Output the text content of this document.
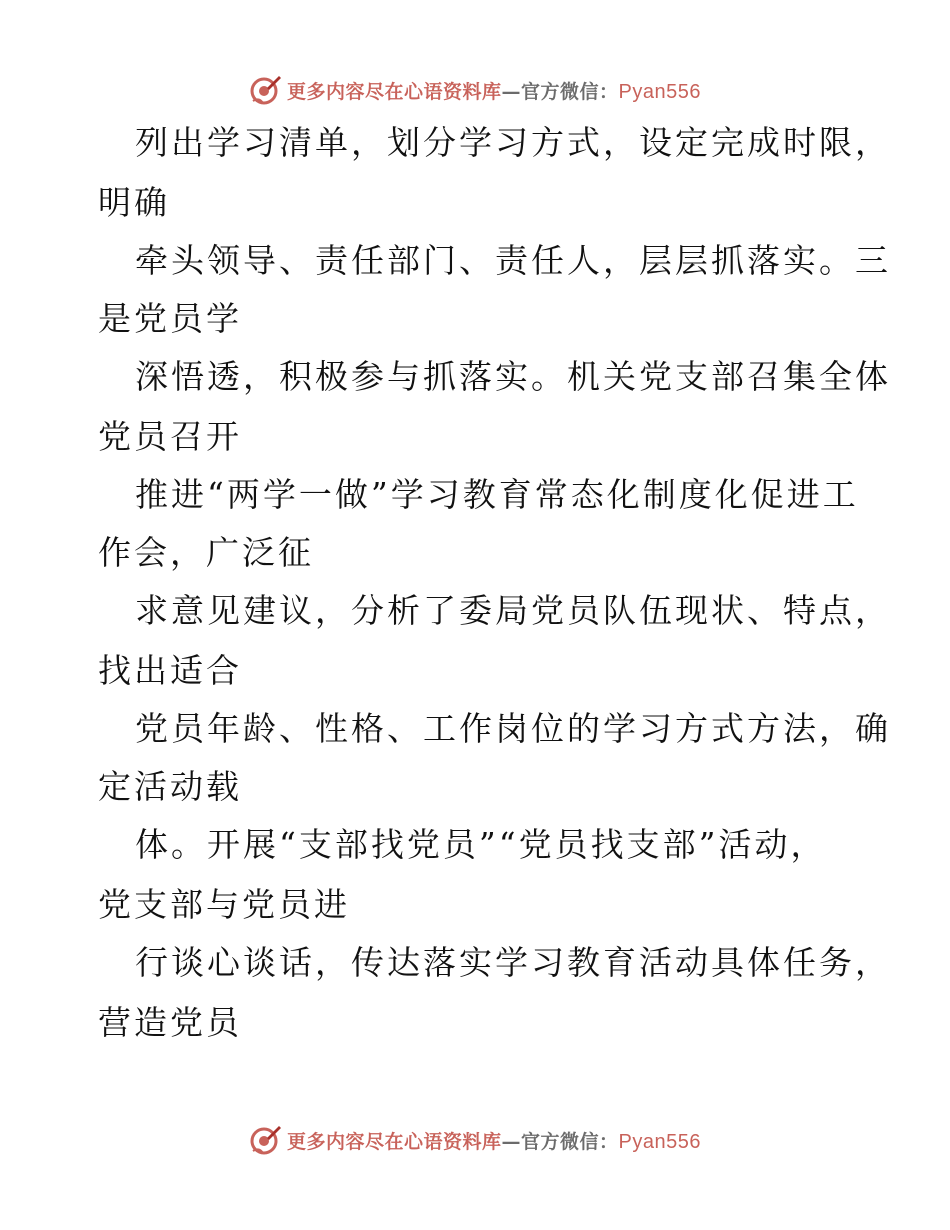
更多内容尽在心语资料库—官方微信：Pyan556
列出学习清单，划分学习方式，设定完成时限，
明确
牵头领导、责任部门、责任人，层层抓落实。三
是党员学
深悟透，积极参与抓落实。机关党支部召集全体
党员召开
推进“两学一做”学习教育常态化制度化促进工
作会，广泛征
求意见建议，分析了委局党员队伍现状、特点，
找出适合
党员年龄、性格、工作岗位的学习方式方法，确
定活动载
体。开展“支部找党员”“党员找支部”活动，
党支部与党员进
行谈心谈话，传达落实学习教育活动具体任务，
营造党员
更多内容尽在心语资料库—官方微信：Pyan556
